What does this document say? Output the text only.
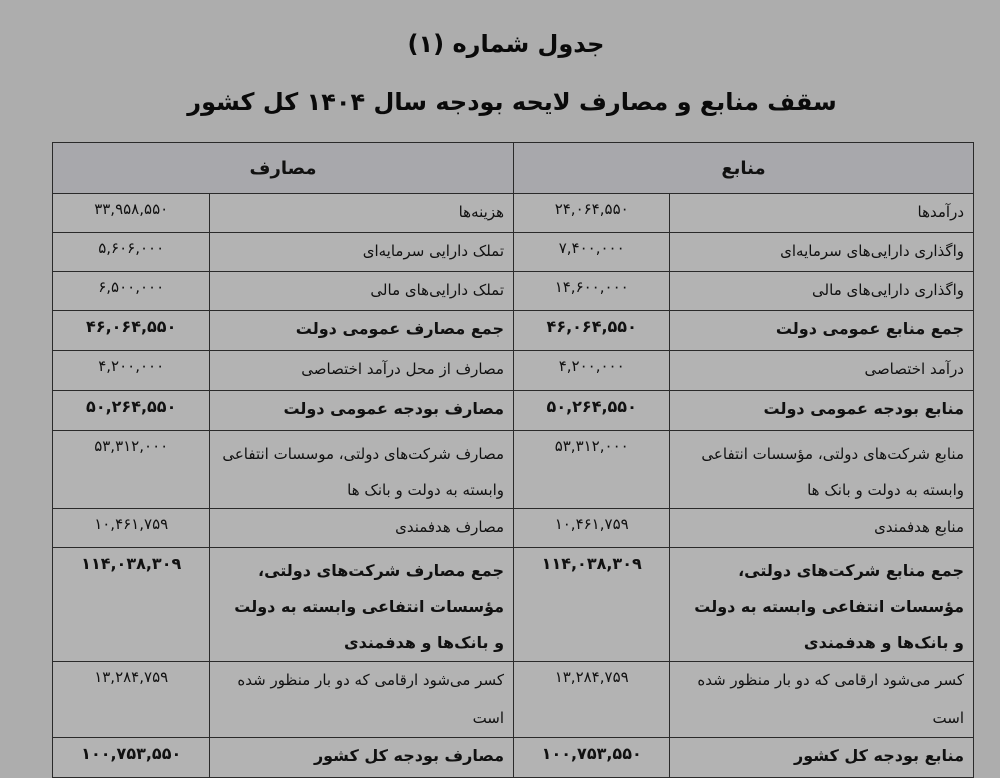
جدول شماره (۱)
سقف منابع و مصارف لایحه بودجه سال ۱۴۰۴ کل کشور
منابع		مصارف	

درآمدها	۲۴,۰۶۴,۵۵۰	هزینه‌ها	۳۳,۹۵۸,۵۵۰

واگذاری دارایی‌های سرمایه‌ای	۷,۴۰۰,۰۰۰	تملک دارایی سرمایه‌ای	۵,۶۰۶,۰۰۰

واگذاری دارایی‌های مالی	۱۴,۶۰۰,۰۰۰	تملک دارایی‌های مالی	۶,۵۰۰,۰۰۰

جمع منابع عمومی دولت	۴۶,۰۶۴,۵۵۰	جمع مصارف عمومی دولت	۴۶,۰۶۴,۵۵۰

درآمد اختصاصی	۴,۲۰۰,۰۰۰	مصارف از محل درآمد اختصاصی	۴,۲۰۰,۰۰۰

منابع بودجه عمومی دولت	۵۰,۲۶۴,۵۵۰	مصارف بودجه عمومی دولت	۵۰,۲۶۴,۵۵۰

منابع شرکت‌های دولتی، مؤسسات انتفاعی وابسته به دولت و بانک ها	۵۳,۳۱۲,۰۰۰	مصارف شرکت‌های دولتی، موسسات انتفاعی وابسته به دولت و بانک ها	۵۳,۳۱۲,۰۰۰

منابع هدفمندی	۱۰,۴۶۱,۷۵۹	مصارف هدفمندی	۱۰,۴۶۱,۷۵۹

جمع منابع شرکت‌های دولتی، مؤسسات انتفاعی وابسته به دولت و بانک‌ها و هدفمندی	۱۱۴,۰۳۸,۳۰۹	جمع مصارف شرکت‌های دولتی، مؤسسات انتفاعی وابسته به دولت و بانک‌ها و هدفمندی	۱۱۴,۰۳۸,۳۰۹

کسر می‌شود ارقامی که دو بار منظور شده است	۱۳,۲۸۴,۷۵۹	کسر می‌شود ارقامی که دو بار منظور شده است	۱۳,۲۸۴,۷۵۹

منابع بودجه کل کشور	۱۰۰,۷۵۳,۵۵۰	مصارف بودجه کل کشور	۱۰۰,۷۵۳,۵۵۰
